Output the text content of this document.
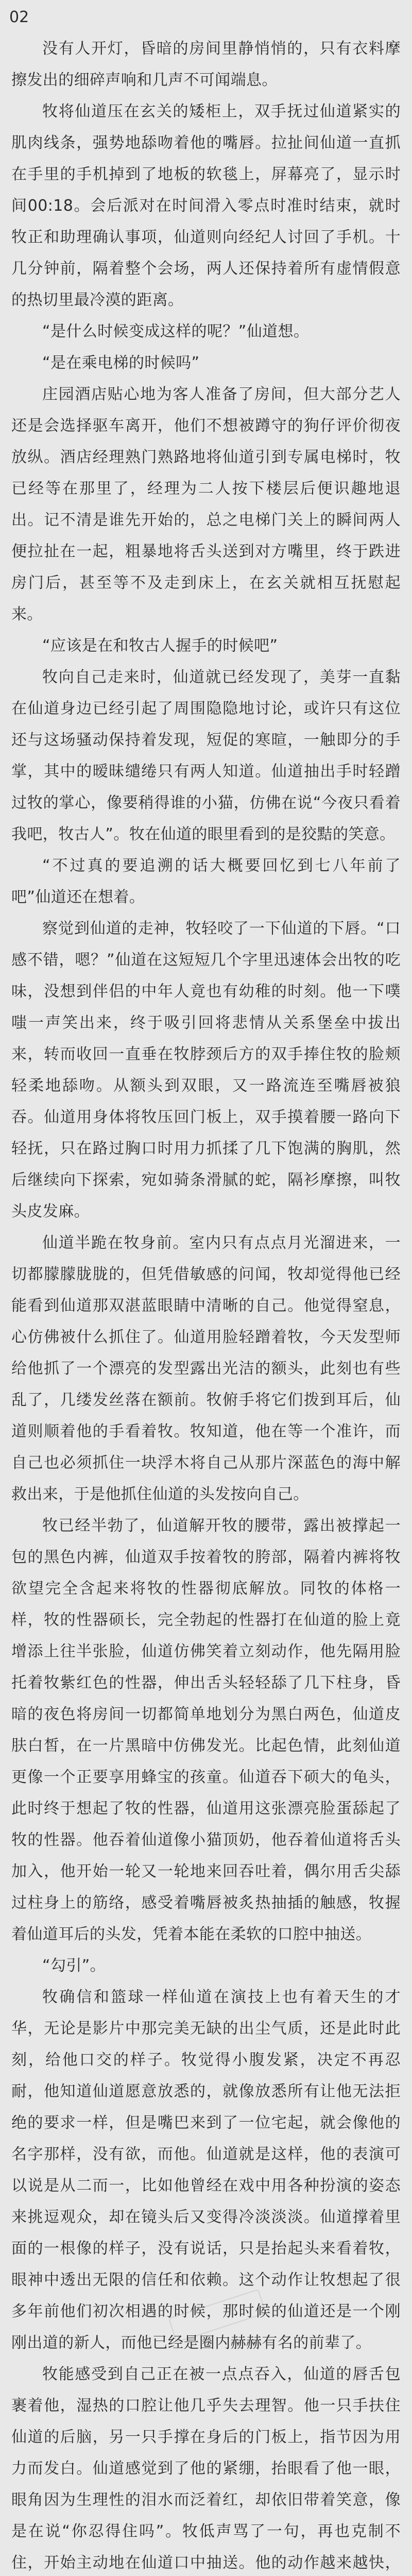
02

没有人开灯，昏暗的房间里静悄悄的，只有衣料摩擦发出的细碎声响和几声不可闻端息。

牧将仙道压在玄关的矮柜上，双手抚过仙道紧实的肌肉线条，强势地舔吻着他的嘴唇。拉扯间仙道一直抓在手里的手机掉到了地板的软毯上，屏幕亮了，显示时间00:18。会后派对在时间滑入零点时准时结束，就时牧正和助理确认事项，仙道则向经纪人讨回了手机。十几分钟前，隔着整个会场，两人还保持着所有虚情假意的热切里最冷漠的距离。

“是什么时候变成这样的呢？”仙道想。

“是在乘电梯的时候吗”

庄园酒店贴心地为客人准备了房间，但大部分艺人还是会选择驱车离开，他们不想被蹲守的狗仔评价彻夜放纵。酒店经理熟门熟路地将仙道引到专属电梯时，牧已经等在那里了，经理为二人按下楼层后便识趣地退出。记不清是谁先开始的，总之电梯门关上的瞬间两人便拉扯在一起，粗暴地将舌头送到对方嘴里，终于跌进房门后，甚至等不及走到床上，在玄关就相互抚慰起来。

“应该是在和牧古人握手的时候吧”

牧向自己走来时，仙道就已经发现了，美芽一直黏在仙道身边已经引起了周围隐隐地讨论，或许只有这位还与这场骚动保持着发现，短促的寒暄，一触即分的手掌，其中的暧昧缱绻只有两人知道。仙道抽出手时轻蹭过牧的掌心，像要稍得谁的小猫，仿佛在说“今夜只看着我吧，牧古人”。牧在仙道的眼里看到的是狡黠的笑意。

“不过真的要追溯的话大概要回忆到七八年前了吧”仙道还在想着。

察觉到仙道的走神，牧轻咬了一下仙道的下唇。“口感不错，嗯？”仙道在这短短几个字里迅速体会出牧的吃味，没想到伴侣的中年人竟也有幼稚的时刻。他一下噗嗤一声笑出来，终于吸引回将悲情从关系堡垒中拔出来，转而收回一直垂在牧脖颈后方的双手捧住牧的脸颊轻柔地舔吻。从额头到双眼，又一路流连至嘴唇被狼吞。仙道用身体将牧压回门板上，双手摸着腰一路向下轻抚，只在路过胸口时用力抓揉了几下饱满的胸肌，然后继续向下探索，宛如骑条滑腻的蛇，隔衫摩擦，叫牧头皮发麻。

仙道半跪在牧身前。室内只有点点月光溜进来，一切都朦朦胧胧的，但凭借敏感的问闻，牧却觉得他已经能看到仙道那双湛蓝眼睛中清晰的自己。他觉得窒息，心仿佛被什么抓住了。仙道用脸轻蹭着牧，今天发型师给他抓了一个漂亮的发型露出光洁的额头，此刻也有些乱了，几缕发丝落在额前。牧俯手将它们拨到耳后，仙道则顺着他的手看着牧。牧知道，他在等一个准许，而自己也必须抓住一块浮木将自己从那片深蓝色的海中解救出来，于是他抓住仙道的头发按向自己。

牧已经半勃了，仙道解开牧的腰带，露出被撑起一包的黑色内裤，仙道双手按着牧的胯部，隔着内裤将牧欲望完全含起来将牧的性器彻底解放。同牧的体格一样，牧的性器硕长，完全勃起的性器打在仙道的脸上竟增添上往半张脸，仙道仿佛笑着立刻动作，他先隔用脸托着牧紫红色的性器，伸出舌头轻轻舔了几下柱身，昏暗的夜色将房间一切都简单地划分为黑白两色，仙道皮肤白皙，在一片黑暗中仿佛发光。比起色情，此刻仙道更像一个正要享用蜂宝的孩童。仙道吞下硕大的龟头，此时终于想起了牧的性器，仙道用这张漂亮脸蛋舔起了牧的性器。他吞着仙道像小猫顶奶，他吞着仙道将舌头加入，他开始一轮又一轮地来回吞吐着，偶尔用舌尖舔过柱身上的筋络，感受着嘴唇被炙热抽插的触感，牧握着仙道耳后的头发，凭着本能在柔软的口腔中抽送。

“勾引”。

牧确信和篮球一样仙道在演技上也有着天生的才华，无论是影片中那完美无缺的出尘气质，还是此时此刻，给他口交的样子。牧觉得小腹发紧，决定不再忍耐，他知道仙道愿意放悉的，就像放悉所有让他无法拒绝的要求一样，但是嘴巴来到了一位宅起，就会像他的名字那样，没有欲，而他。仙道就是这样，他的表演可以说是从二而一，比如他曾经在戏中用各种扮演的姿态来挑逗观众，却在镜头后又变得冷淡淡淡。仙道撑着里面的一根像的样子，没有说话，只是抬起头来看着牧，眼神中透出无限的信任和依赖。这个动作让牧想起了很多年前他们初次相遇的时候，那时候的仙道还是一个刚刚出道的新人，而他已经是圈内赫赫有名的前辈了。

牧能感受到自己正在被一点点吞入，仙道的唇舌包裹着他，湿热的口腔让他几乎失去理智。他一只手扶住仙道的后脑，另一只手撑在身后的门板上，指节因为用力而发白。仙道感觉到了他的紧绷，抬眼看了他一眼，眼角因为生理性的泪水而泛着红，却依旧带着笑意，像是在说“你忍得住吗”。牧低声骂了一句，再也克制不住，开始主动地在仙道口中抽送。他的动作越来越快，
